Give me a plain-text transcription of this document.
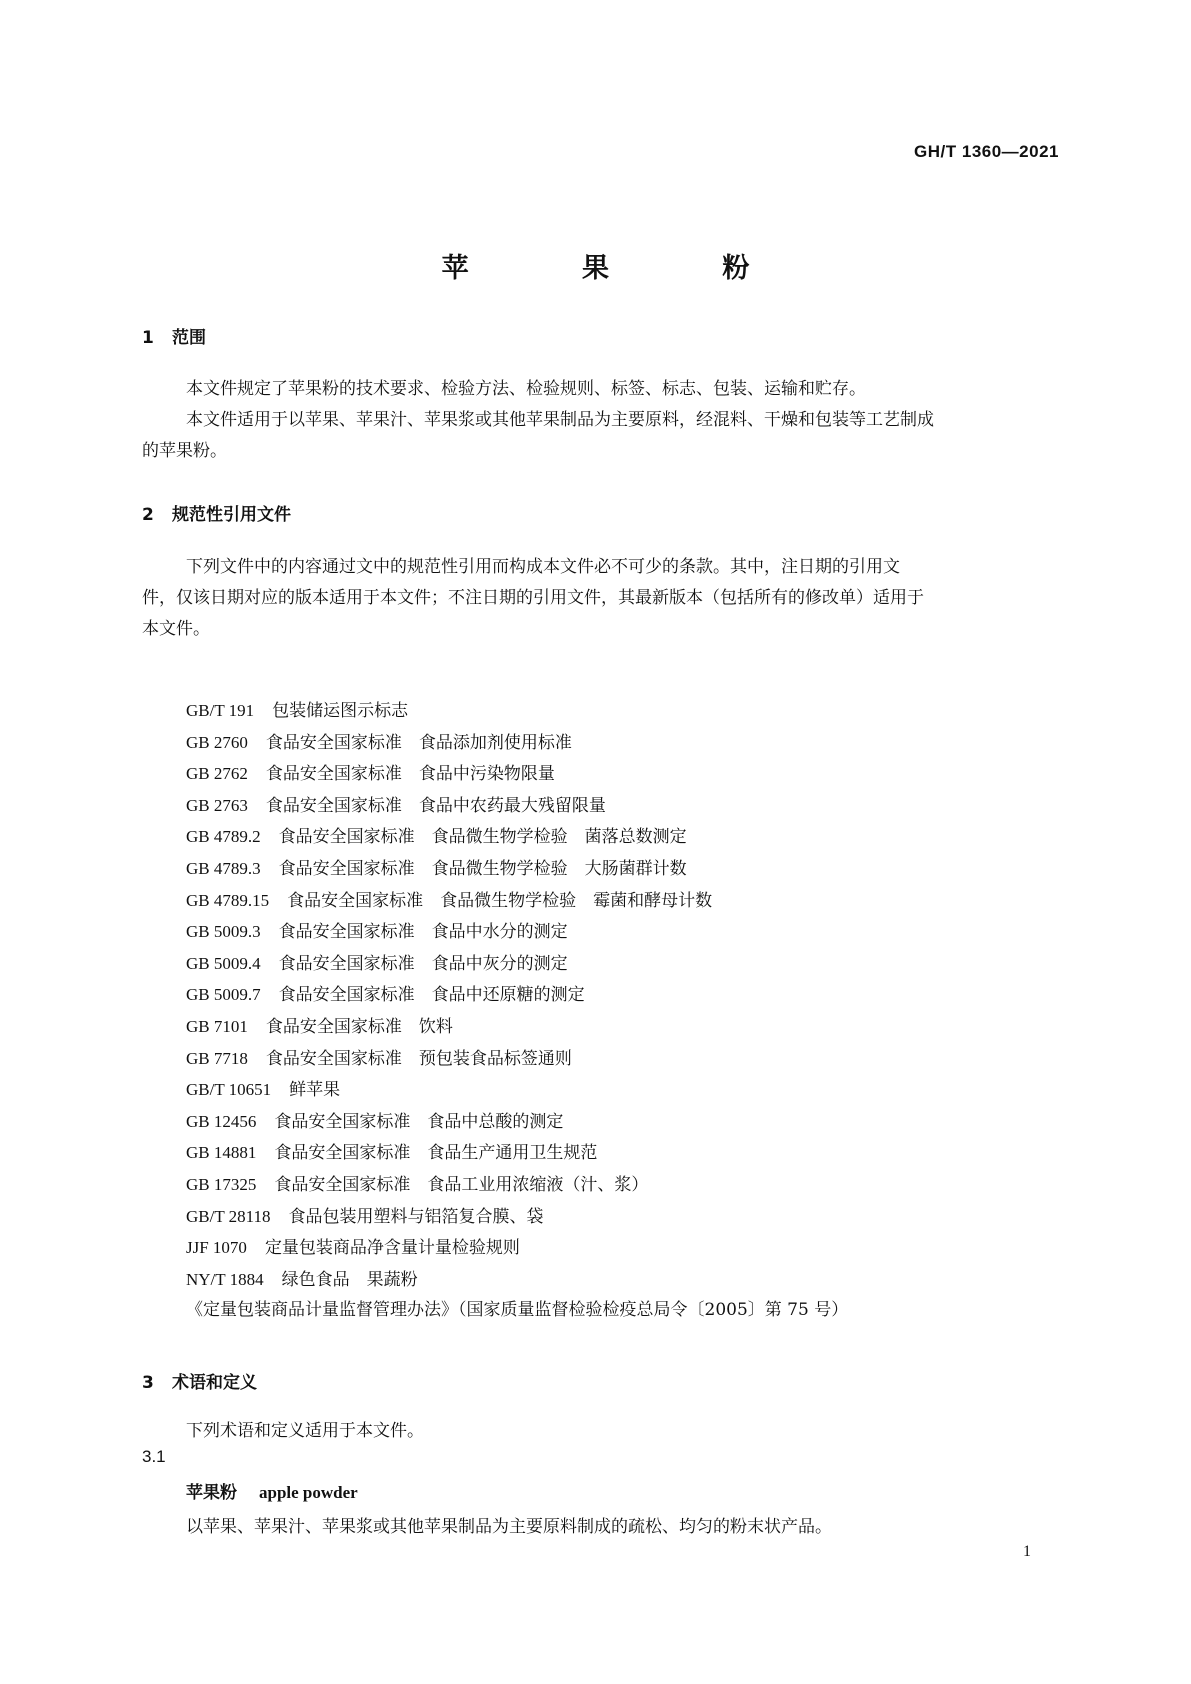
GH/T 1360—2021
苹 果 粉
1 范围
本文件规定了苹果粉的技术要求、检验方法、检验规则、标签、标志、包装、运输和贮存。
本文件适用于以苹果、苹果汁、苹果浆或其他苹果制品为主要原料，经混料、干燥和包装等工艺制成
的苹果粉。
2 规范性引用文件
下列文件中的内容通过文中的规范性引用而构成本文件必不可少的条款。其中，注日期的引用文
件，仅该日期对应的版本适用于本文件；不注日期的引用文件，其最新版本（包括所有的修改单）适用于
本文件。
GB/T 191 包装储运图示标志
GB 2760 食品安全国家标准　食品添加剂使用标准
GB 2762 食品安全国家标准　食品中污染物限量
GB 2763 食品安全国家标准　食品中农药最大残留限量
GB 4789.2 食品安全国家标准　食品微生物学检验　菌落总数测定
GB 4789.3 食品安全国家标准　食品微生物学检验　大肠菌群计数
GB 4789.15 食品安全国家标准　食品微生物学检验　霉菌和酵母计数
GB 5009.3 食品安全国家标准　食品中水分的测定
GB 5009.4 食品安全国家标准　食品中灰分的测定
GB 5009.7 食品安全国家标准　食品中还原糖的测定
GB 7101 食品安全国家标准　饮料
GB 7718 食品安全国家标准　预包装食品标签通则
GB/T 10651 鲜苹果
GB 12456 食品安全国家标准　食品中总酸的测定
GB 14881 食品安全国家标准　食品生产通用卫生规范
GB 17325 食品安全国家标准　食品工业用浓缩液（汁、浆）
GB/T 28118 食品包装用塑料与铝箔复合膜、袋
JJF 1070 定量包装商品净含量计量检验规则
NY/T 1884 绿色食品　果蔬粉
《定量包装商品计量监督管理办法》（国家质量监督检验检疫总局令〔2005〕第 75 号）
3 术语和定义
下列术语和定义适用于本文件。
3.1
苹果粉 apple powder
以苹果、苹果汁、苹果浆或其他苹果制品为主要原料制成的疏松、均匀的粉末状产品。
1
